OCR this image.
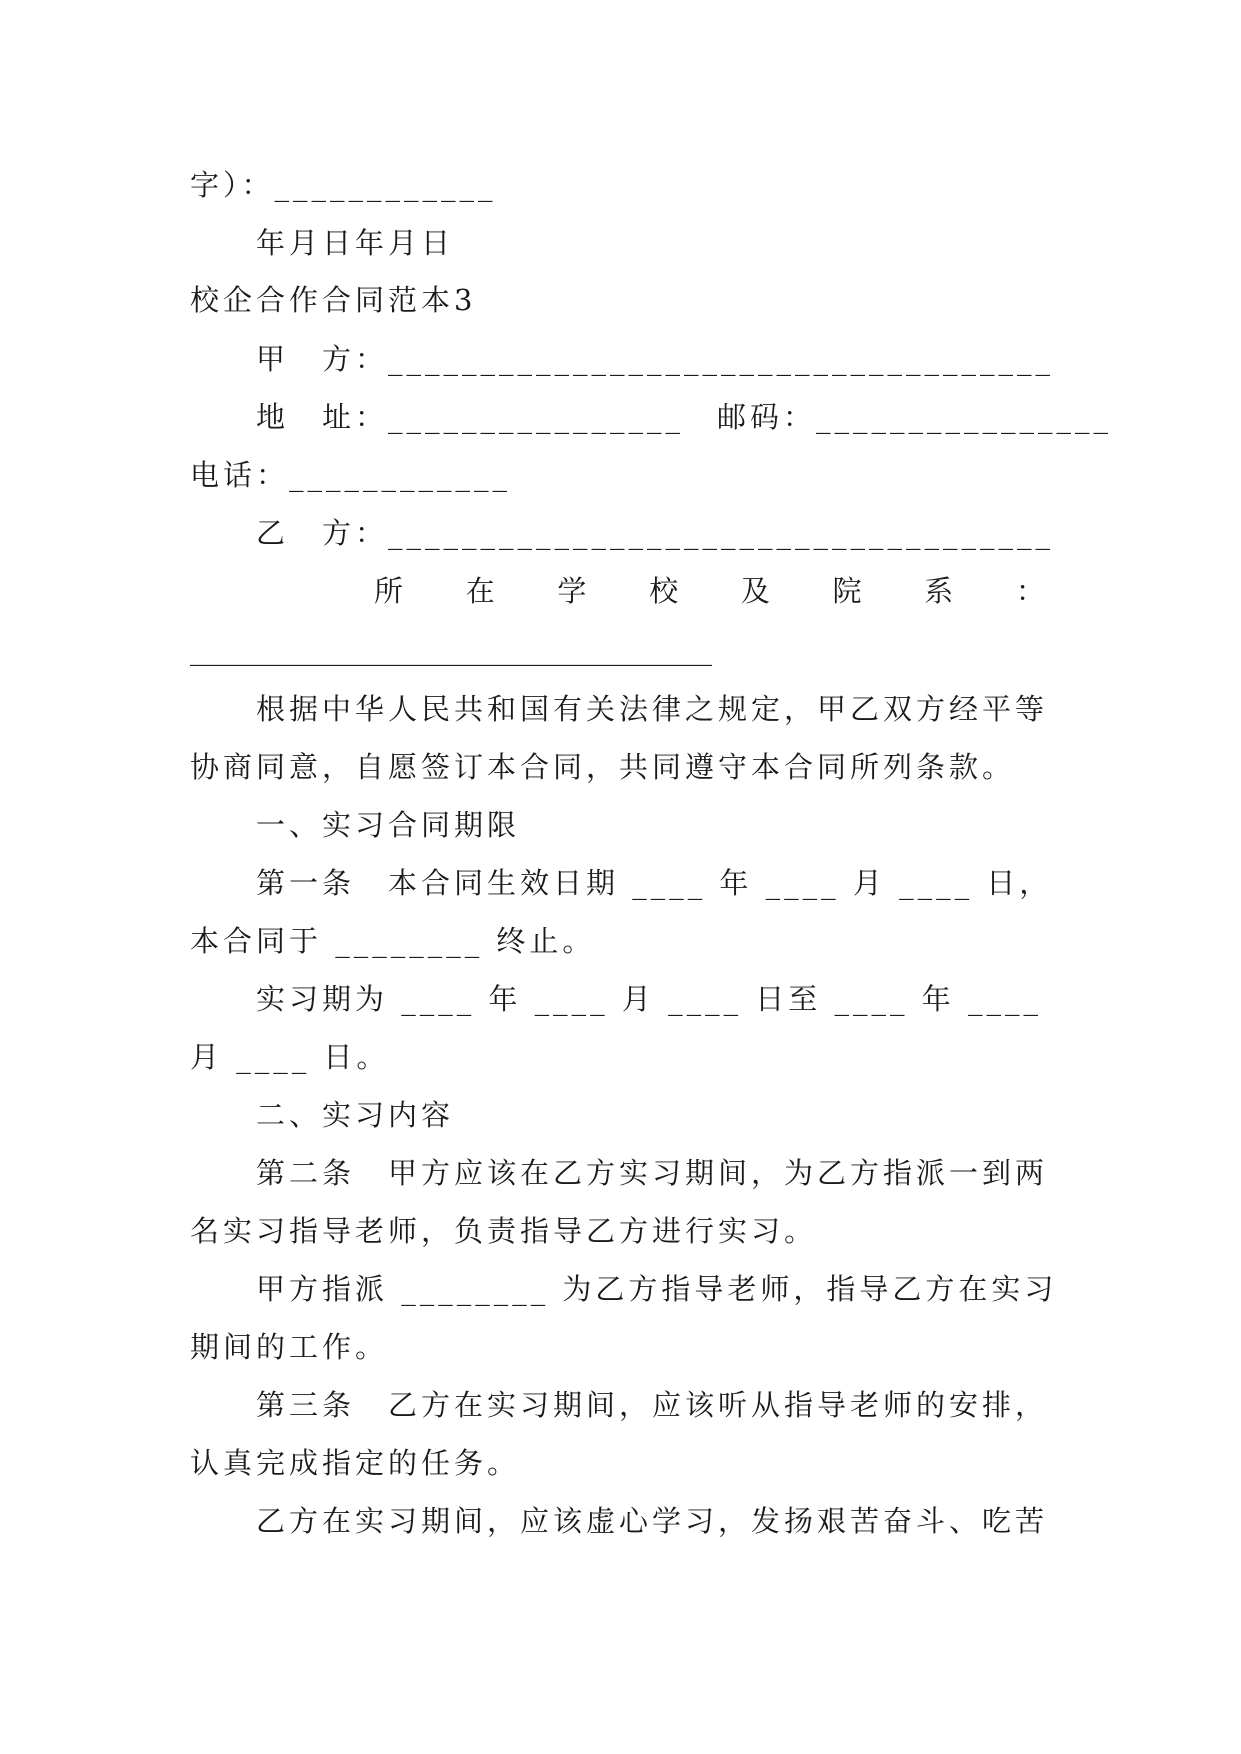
字）：____________
年月日年月日
校企合作合同范本3
甲　方：____________________________________
地　址：________________　邮码：________________
电话：____________
乙　方：____________________________________
所 在 学 校 及 院 系 ：
____________________________________
根据中华人民共和国有关法律之规定，甲乙双方经平等
协商同意，自愿签订本合同，共同遵守本合同所列条款。
一、实习合同期限
第一条　本合同生效日期 ____ 年 ____ 月 ____ 日，
本合同于 ________ 终止。
实习期为 ____ 年 ____ 月 ____ 日至 ____ 年 ____
月 ____ 日。
二、实习内容
第二条　甲方应该在乙方实习期间，为乙方指派一到两
名实习指导老师，负责指导乙方进行实习。
甲方指派 ________ 为乙方指导老师，指导乙方在实习
期间的工作。
第三条　乙方在实习期间，应该听从指导老师的安排，
认真完成指定的任务。
乙方在实习期间，应该虚心学习，发扬艰苦奋斗、吃苦
